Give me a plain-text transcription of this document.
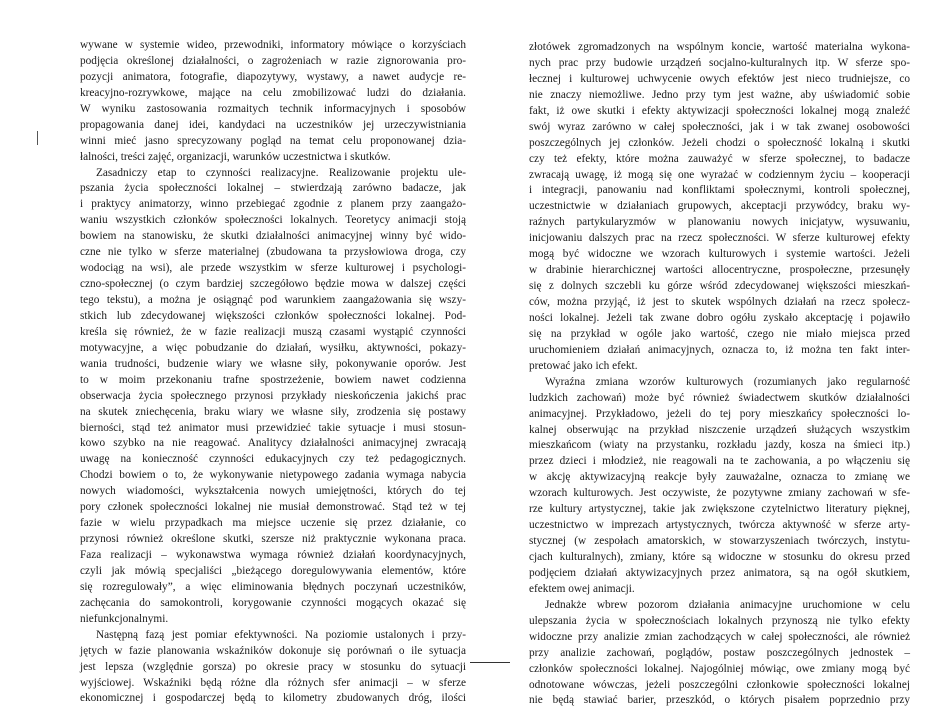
wywane w systemie wideo, przewodniki, informatory mówiące o korzyściach
podjęcia określonej działalności, o zagrożeniach w razie zignorowania pro-
pozycji animatora, fotografie, diapozytywy, wystawy, a nawet audycje re-
kreacyjno-rozrywkowe, mające na celu zmobilizować ludzi do działania.
W wyniku zastosowania rozmaitych technik informacyjnych i sposobów
propagowania danej idei, kandydaci na uczestników jej urzeczywistniania
winni mieć jasno sprecyzowany pogląd na temat celu proponowanej dzia-
łalności, treści zajęć, organizacji, warunków uczestnictwa i skutków.
Zasadniczy etap to czynności realizacyjne. Realizowanie projektu ule-
pszania życia społeczności lokalnej – stwierdzają zarówno badacze, jak
i praktycy animatorzy, winno przebiegać zgodnie z planem przy zaangażo-
waniu wszystkich członków społeczności lokalnych. Teoretycy animacji stoją
bowiem na stanowisku, że skutki działalności animacyjnej winny być wido-
czne nie tylko w sferze materialnej (zbudowana ta przysłowiowa droga, czy
wodociąg na wsi), ale przede wszystkim w sferze kulturowej i psychologi-
czno-społecznej (o czym bardziej szczegółowo będzie mowa w dalszej części
tego tekstu), a można je osiągnąć pod warunkiem zaangażowania się wszy-
stkich lub zdecydowanej większości członków społeczności lokalnej. Pod-
kreśla się również, że w fazie realizacji muszą czasami wystąpić czynności
motywacyjne, a więc pobudzanie do działań, wysiłku, aktywności, pokazy-
wania trudności, budzenie wiary we własne siły, pokonywanie oporów. Jest
to w moim przekonaniu trafne spostrzeżenie, bowiem nawet codzienna
obserwacja życia społecznego przynosi przykłady nieskończenia jakichś prac
na skutek zniechęcenia, braku wiary we własne siły, zrodzenia się postawy
bierności, stąd też animator musi przewidzieć takie sytuacje i musi stosun-
kowo szybko na nie reagować. Analitycy działalności animacyjnej zwracają
uwagę na konieczność czynności edukacyjnych czy też pedagogicznych.
Chodzi bowiem o to, że wykonywanie nietypowego zadania wymaga nabycia
nowych wiadomości, wykształcenia nowych umiejętności, których do tej
pory członek społeczności lokalnej nie musiał demonstrować. Stąd też w tej
fazie w wielu przypadkach ma miejsce uczenie się przez działanie, co
przynosi również określone skutki, szersze niż praktycznie wykonana praca.
Faza realizacji – wykonawstwa wymaga również działań koordynacyjnych,
czyli jak mówią specjaliści „bieżącego doregulowywania elementów, które
się rozregulowały”, a więc eliminowania błędnych poczynań uczestników,
zachęcania do samokontroli, korygowanie czynności mogących okazać się
niefunkcjonalnymi.
Następną fazą jest pomiar efektywności. Na poziomie ustalonych i przy-
jętych w fazie planowania wskaźników dokonuje się porównań o ile sytuacja
jest lepsza (względnie gorsza) po okresie pracy w stosunku do sytuacji
wyjściowej. Wskaźniki będą różne dla różnych sfer animacji – w sferze
ekonomicznej i gospodarczej będą to kilometry zbudowanych dróg, ilości
złotówek zgromadzonych na wspólnym koncie, wartość materialna wykona-
nych prac przy budowie urządzeń socjalno-kulturalnych itp. W sferze spo-
łecznej i kulturowej uchwycenie owych efektów jest nieco trudniejsze, co
nie znaczy niemożliwe. Jedno przy tym jest ważne, aby uświadomić sobie
fakt, iż owe skutki i efekty aktywizacji społeczności lokalnej mogą znaleźć
swój wyraz zarówno w całej społeczności, jak i w tak zwanej osobowości
poszczególnych jej członków. Jeżeli chodzi o społeczność lokalną i skutki
czy też efekty, które można zauważyć w sferze społecznej, to badacze
zwracają uwagę, iż mogą się one wyrażać w codziennym życiu – kooperacji
i integracji, panowaniu nad konfliktami społecznymi, kontroli społecznej,
uczestnictwie w działaniach grupowych, akceptacji przywódcy, braku wy-
raźnych partykularyzmów w planowaniu nowych inicjatyw, wysuwaniu,
inicjowaniu dalszych prac na rzecz społeczności. W sferze kulturowej efekty
mogą być widoczne we wzorach kulturowych i systemie wartości. Jeżeli
w drabinie hierarchicznej wartości allocentryczne, prospołeczne, przesunęły
się z dolnych szczebli ku górze wśród zdecydowanej większości mieszkań-
ców, można przyjąć, iż jest to skutek wspólnych działań na rzecz społecz-
ności lokalnej. Jeżeli tak zwane dobro ogółu zyskało akceptację i pojawiło
się na przykład w ogóle jako wartość, czego nie miało miejsca przed
uruchomieniem działań animacyjnych, oznacza to, iż można ten fakt inter-
pretować jako ich efekt.
Wyraźna zmiana wzorów kulturowych (rozumianych jako regularność
ludzkich zachowań) może być również świadectwem skutków działalności
animacyjnej. Przykładowo, jeżeli do tej pory mieszkańcy społeczności lo-
kalnej obserwując na przykład niszczenie urządzeń służących wszystkim
mieszkańcom (wiaty na przystanku, rozkładu jazdy, kosza na śmieci itp.)
przez dzieci i młodzież, nie reagowali na te zachowania, a po włączeniu się
w akcję aktywizacyjną reakcje były zauważalne, oznacza to zmianę we
wzorach kulturowych. Jest oczywiste, że pozytywne zmiany zachowań w sfe-
rze kultury artystycznej, takie jak zwiększone czytelnictwo literatury pięknej,
uczestnictwo w imprezach artystycznych, twórcza aktywność w sferze arty-
stycznej (w zespołach amatorskich, w stowarzyszeniach twórczych, instytu-
cjach kulturalnych), zmiany, które są widoczne w stosunku do okresu przed
podjęciem działań aktywizacyjnych przez animatora, są na ogół skutkiem,
efektem owej animacji.
Jednakże wbrew pozorom działania animacyjne uruchomione w celu
ulepszania życia w społecznościach lokalnych przynoszą nie tylko efekty
widoczne przy analizie zmian zachodzących w całej społeczności, ale również
przy analizie zachowań, poglądów, postaw poszczególnych jednostek –
członków społeczności lokalnej. Najogólniej mówiąc, owe zmiany mogą być
odnotowane wówczas, jeżeli poszczególni członkowie społeczności lokalnej
nie będą stawiać barier, przeszkód, o których pisałem poprzednio przy
